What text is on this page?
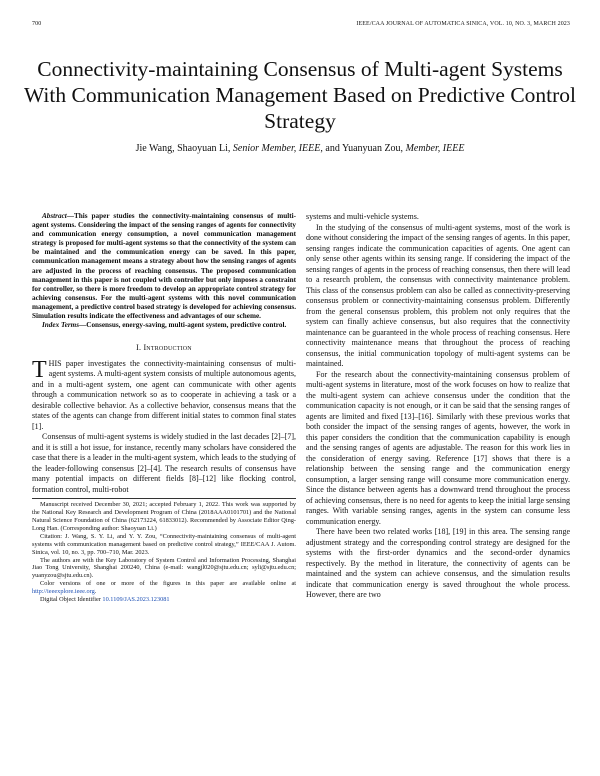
700	IEEE/CAA JOURNAL OF AUTOMATICA SINICA, VOL. 10, NO. 3, MARCH 2023
Connectivity-maintaining Consensus of Multi-agent Systems With Communication Management Based on Predictive Control Strategy
Jie Wang, Shaoyuan Li, Senior Member, IEEE, and Yuanyuan Zou, Member, IEEE

Abstract—This paper studies the connectivity-maintaining consensus of multi-agent systems. Considering the impact of the sensing ranges of agents for connectivity and communication energy consumption, a novel communication management strategy is proposed for multi-agent systems so that the connectivity of the system can be maintained and the communication energy can be saved. In this paper, communication management means a strategy about how the sensing ranges of agents are adjusted in the process of reaching consensus. The proposed communication management in this paper is not coupled with controller but only imposes a constraint for controller, so there is more freedom to develop an appropriate control strategy for achieving consensus. For the multi-agent systems with this novel communication management, a predictive control based strategy is developed for achieving consensus. Simulation results indicate the effectiveness and advantages of our scheme.

Index Terms—Consensus, energy-saving, multi-agent system, predictive control.

I. Introduction

THIS paper investigates the connectivity-maintaining consensus of multi-agent systems. A multi-agent system consists of multiple autonomous agents, and in a multi-agent system, one agent can communicate with other agents through a communication network so as to cooperate in achieving a task or a desirable collective behavior. As a collective behavior, consensus means that the states of the agents can change from different initial states to common final states [1].

Consensus of multi-agent systems is widely studied in the last decades [2]–[7], and it is still a hot issue, for instance, recently many scholars have considered the case that there is a leader in the multi-agent system, which leads to the studying of the leader-following consensus [2]–[4]. The research results of consensus have many potential impacts on different fields [8]–[12] like flocking control, formation control, multi-robot

Manuscript received December 30, 2021; accepted February 1, 2022. This work was supported by the National Key Research and Development Program of China (2018AAA0101701) and the National Natural Science Foundation of China (62173224, 61833012). Recommended by Associate Editor Qing-Long Han. (Corresponding author: Shaoyuan Li.)

Citation: J. Wang, S. Y. Li, and Y. Y. Zou, “Connectivity-maintaining consensus of multi-agent systems with communication management based on predictive control strategy,” IEEE/CAA J. Autom. Sinica, vol. 10, no. 3, pp. 700–710, Mar. 2023.

The authors are with the Key Laboratory of System Control and Information Processing, Shanghai Jiao Tong University, Shanghai 200240, China (e-mail: wangjl020@sjtu.edu.cn; syli@sjtu.edu.cn; yuanyzou@sjtu.edu.cn).

Color versions of one or more of the figures in this paper are available online at http://ieeexplore.ieee.org.

Digital Object Identifier 10.1109/JAS.2023.123081

systems and multi-vehicle systems.

In the studying of the consensus of multi-agent systems, most of the work is done without considering the impact of the sensing ranges of agents. In this paper, sensing ranges indicate the communication capacities of agents. One agent can only sense other agents within its sensing range. If considering the impact of the sensing ranges of agents in the process of reaching consensus, then there will lead to a research problem, the consensus with connectivity maintenance problem. This class of the consensus problem can also be called as connectivity-preserving consensus problem or connectivity-maintaining consensus problem. Differently from the general consensus problem, this problem not only requires that the system can finally achieve consensus, but also requires that the connectivity maintenance can be guaranteed in the whole process of reaching consensus. Here connectivity maintenance means that throughout the process of reaching consensus, the initial communication topology of multi-agent systems can be maintained.

For the research about the connectivity-maintaining consensus problem of multi-agent systems in literature, most of the work focuses on how to realize that the multi-agent system can achieve consensus under the condition that the communication capacity is not enough, or it can be said that the sensing ranges of agents are limited and fixed [13]–[16]. Similarly with these previous works that both consider the impact of the sensing ranges of agents, however, the work in this paper considers the condition that the communication capability is enough and the sensing ranges of agents are adjustable. The reason for this work lies in the consideration of energy saving. Reference [17] shows that there is a relationship between the sensing range and the communication energy consumption, a larger sensing range will consume more communication energy. Since the distance between agents has a downward trend throughout the process of achieving consensus, there is no need for agents to keep the initial large sensing ranges. With variable sensing ranges, agents in the system can consume less communication energy.

There have been two related works [18], [19] in this area. The sensing range adjustment strategy and the corresponding control strategy are designed for the systems with the first-order dynamics and the second-order dynamics respectively. By the method in literature, the connectivity of agents can be maintained and the system can achieve consensus, and the simulation results indicate that communication energy is saved throughout the whole process. However, there are two
